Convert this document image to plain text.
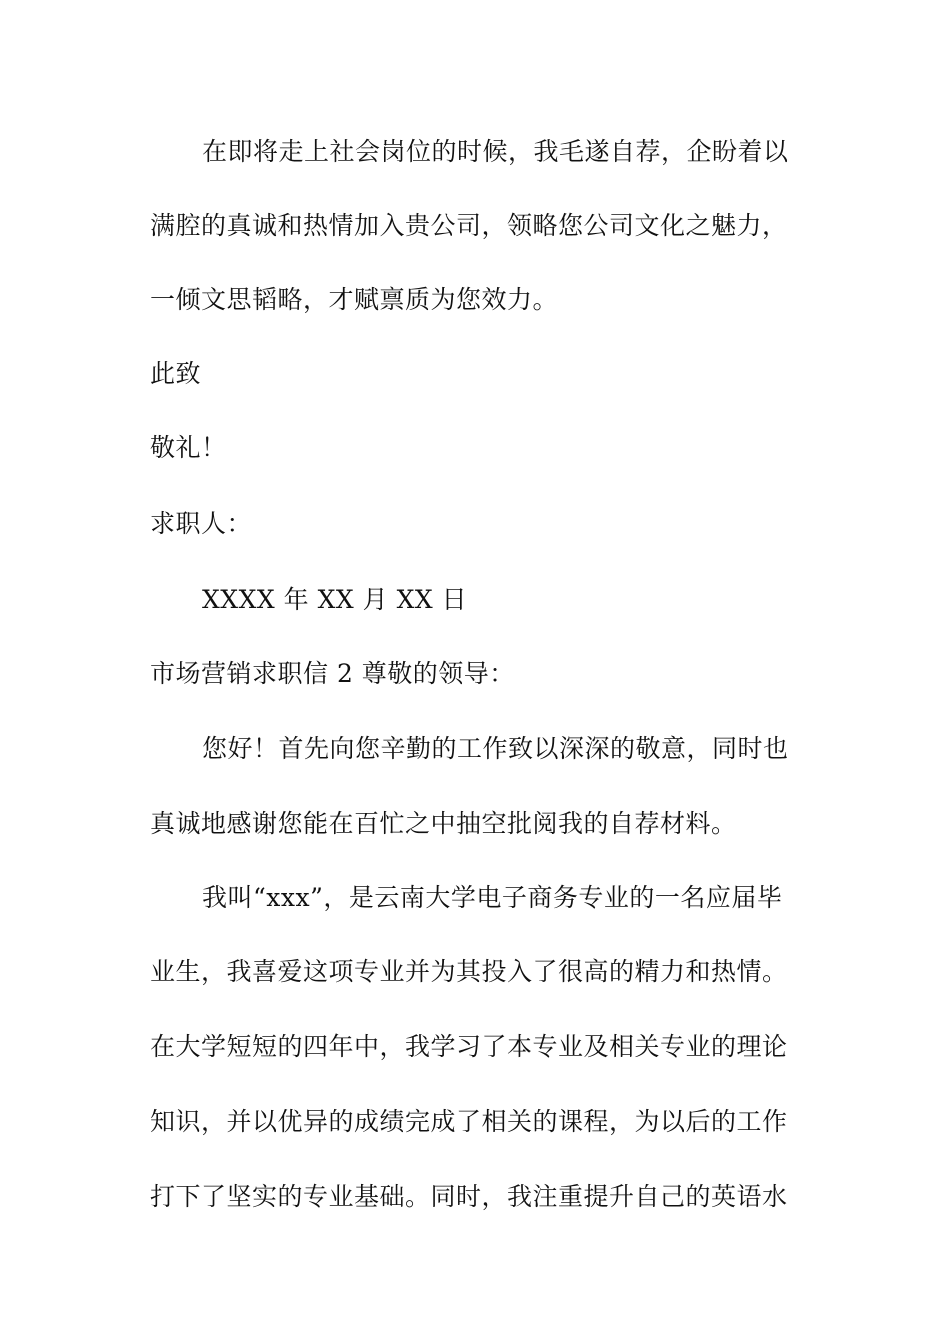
在即将走上社会岗位的时候，我毛遂自荐，企盼着以
满腔的真诚和热情加入贵公司，领略您公司文化之魅力，
一倾文思韬略，才赋禀质为您效力。
此致
敬礼！
求职人：
XXXX 年 XX 月 XX 日
市场营销求职信 2 尊敬的领导：
您好！首先向您辛勤的工作致以深深的敬意，同时也
真诚地感谢您能在百忙之中抽空批阅我的自荐材料。
我叫“xxx”，是云南大学电子商务专业的一名应届毕
业生，我喜爱这项专业并为其投入了很高的精力和热情。
在大学短短的四年中，我学习了本专业及相关专业的理论
知识，并以优异的成绩完成了相关的课程，为以后的工作
打下了坚实的专业基础。同时，我注重提升自己的英语水
